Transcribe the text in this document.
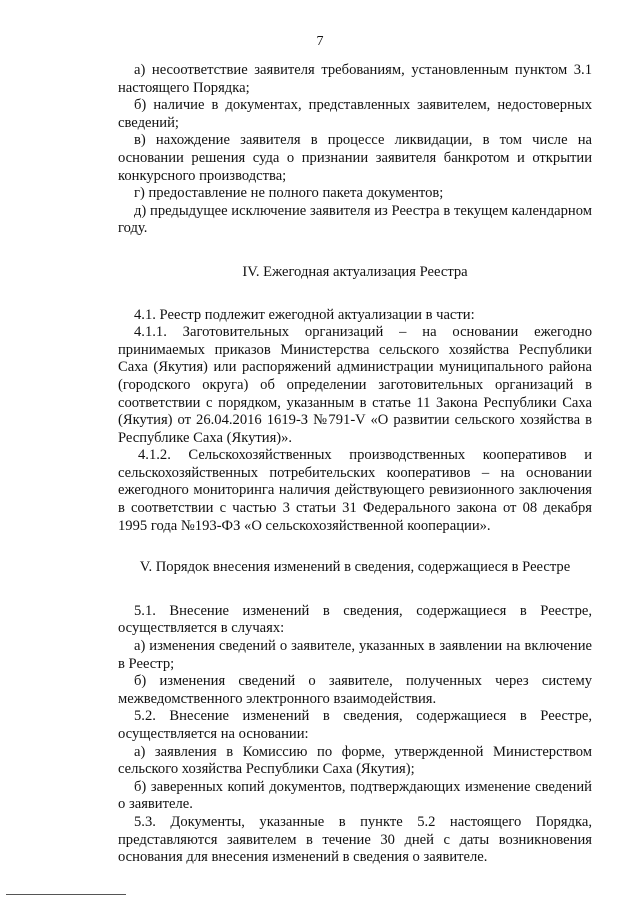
7

а) несоответствие заявителя требованиям, установленным пунктом 3.1 настоящего Порядка;

б) наличие в документах, представленных заявителем, недостоверных сведений;

в) нахождение заявителя в процессе ликвидации, в том числе на основании решения суда о признании заявителя банкротом и открытии конкурсного производства;

г) предоставление не полного пакета документов;

д) предыдущее исключение заявителя из Реестра в текущем календарном году.

IV. Ежегодная актуализация Реестра

4.1. Реестр подлежит ежегодной актуализации в части:

4.1.1. Заготовительных организаций – на основании ежегодно принимаемых приказов Министерства сельского хозяйства Республики Саха (Якутия) или распоряжений администрации муниципального района (городского округа) об определении заготовительных организаций в соответствии с порядком, указанным в статье 11 Закона Республики Саха (Якутия) от 26.04.2016 1619-З №791-V «О развитии сельского хозяйства в Республике Саха (Якутия)».

4.1.2. Сельскохозяйственных производственных кооперативов и сельскохозяйственных потребительских кооперативов – на основании ежегодного мониторинга наличия действующего ревизионного заключения в соответствии с частью 3 статьи 31 Федерального закона от 08 декабря 1995 года №193-ФЗ «О сельскохозяйственной кооперации».

V. Порядок внесения изменений в сведения, содержащиеся в Реестре

5.1. Внесение изменений в сведения, содержащиеся в Реестре, осуществляется в случаях:

а) изменения сведений о заявителе, указанных в заявлении на включение в Реестр;

б) изменения сведений о заявителе, полученных через систему межведомственного электронного взаимодействия.

5.2. Внесение изменений в сведения, содержащиеся в Реестре, осуществляется на основании:

а) заявления в Комиссию по форме, утвержденной Министерством сельского хозяйства Республики Саха (Якутия);

б) заверенных копий документов, подтверждающих изменение сведений о заявителе.

5.3. Документы, указанные в пункте 5.2 настоящего Порядка, представляются заявителем в течение 30 дней с даты возникновения основания для внесения изменений в сведения о заявителе.
